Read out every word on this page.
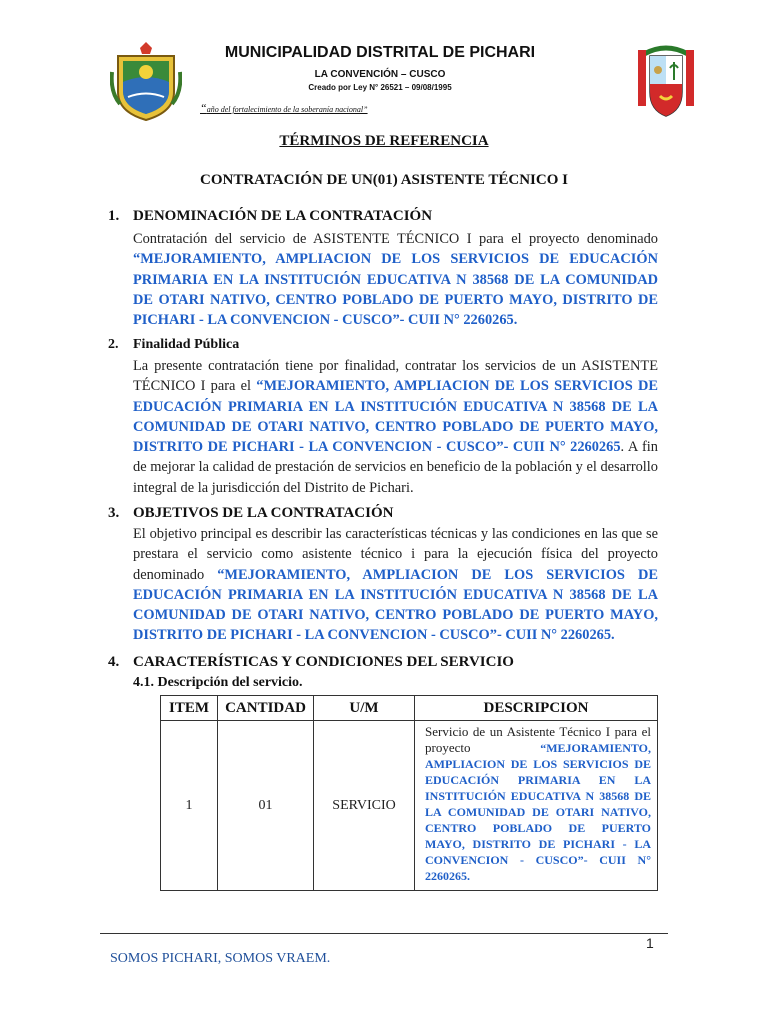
MUNICIPALIDAD DISTRITAL DE PICHARI
LA CONVENCIÓN – CUSCO
Creado por Ley N° 26521 – 09/08/1995
“año del fortalecimiento de la soberanía nacional”
TÉRMINOS DE REFERENCIA
CONTRATACIÓN DE UN(01) ASISTENTE TÉCNICO I
1. DENOMINACIÓN DE LA CONTRATACIÓN
Contratación del servicio de ASISTENTE TÉCNICO I para el proyecto denominado “MEJORAMIENTO, AMPLIACION DE LOS SERVICIOS DE EDUCACIÓN PRIMARIA EN LA INSTITUCIÓN EDUCATIVA N 38568 DE LA COMUNIDAD DE OTARI NATIVO, CENTRO POBLADO DE PUERTO MAYO, DISTRITO DE PICHARI - LA CONVENCION - CUSCO”- CUII N° 2260265.
2. Finalidad Pública
La presente contratación tiene por finalidad, contratar los servicios de un ASISTENTE TÉCNICO I para el “MEJORAMIENTO, AMPLIACION DE LOS SERVICIOS DE EDUCACIÓN PRIMARIA EN LA INSTITUCIÓN EDUCATIVA N 38568 DE LA COMUNIDAD DE OTARI NATIVO, CENTRO POBLADO DE PUERTO MAYO, DISTRITO DE PICHARI - LA CONVENCION - CUSCO”- CUII N° 2260265. A fin de mejorar la calidad de prestación de servicios en beneficio de la población y el desarrollo integral de la jurisdicción del Distrito de Pichari.
3. OBJETIVOS DE LA CONTRATACIÓN
El objetivo principal es describir las características técnicas y las condiciones en las que se prestara el servicio como asistente técnico i para la ejecución física del proyecto denominado “MEJORAMIENTO, AMPLIACION DE LOS SERVICIOS DE EDUCACIÓN PRIMARIA EN LA INSTITUCIÓN EDUCATIVA N 38568 DE LA COMUNIDAD DE OTARI NATIVO, CENTRO POBLADO DE PUERTO MAYO, DISTRITO DE PICHARI - LA CONVENCION - CUSCO”- CUII N° 2260265.
4. CARACTERÍSTICAS Y CONDICIONES DEL SERVICIO
4.1. Descripción del servicio.
ITEM	CANTIDAD	U/M	DESCRIPCION
1	01	SERVICIO	Servicio de un Asistente Técnico I para el proyecto “MEJORAMIENTO, AMPLIACION DE LOS SERVICIOS DE EDUCACIÓN PRIMARIA EN LA INSTITUCIÓN EDUCATIVA N 38568 DE LA COMUNIDAD DE OTARI NATIVO, CENTRO POBLADO DE PUERTO MAYO, DISTRITO DE PICHARI - LA CONVENCION - CUSCO”- CUII N° 2260265.
1
SOMOS PICHARI, SOMOS VRAEM.
